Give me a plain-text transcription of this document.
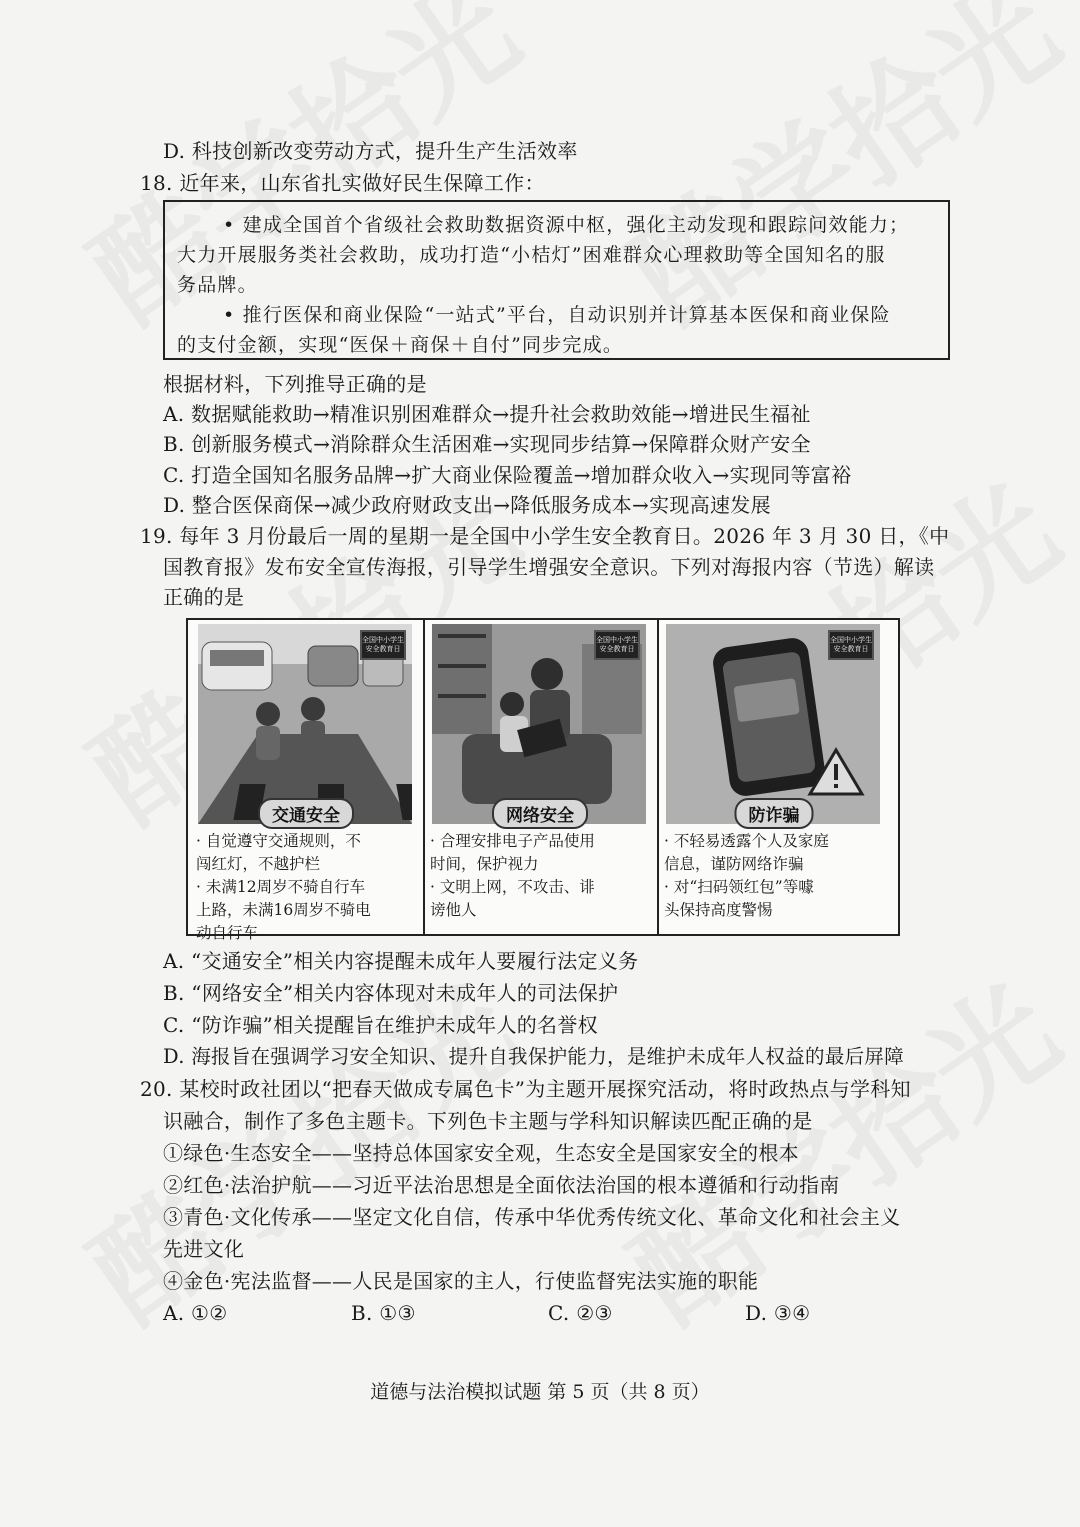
D. 科技创新改变劳动方式，提升生产生活效率
18. 近年来，山东省扎实做好民生保障工作：
• 建成全国首个省级社会救助数据资源中枢，强化主动发现和跟踪问效能力；
大力开展服务类社会救助，成功打造“小桔灯”困难群众心理救助等全国知名的服
务品牌。
• 推行医保和商业保险“一站式”平台，自动识别并计算基本医保和商业保险
的支付金额，实现“医保＋商保＋自付”同步完成。
根据材料，下列推导正确的是
A. 数据赋能救助→精准识别困难群众→提升社会救助效能→增进民生福祉
B. 创新服务模式→消除群众生活困难→实现同步结算→保障群众财产安全
C. 打造全国知名服务品牌→扩大商业保险覆盖→增加群众收入→实现同等富裕
D. 整合医保商保→减少政府财政支出→降低服务成本→实现高速发展
19. 每年 3 月份最后一周的星期一是全国中小学生安全教育日。2026 年 3 月 30 日，《中
国教育报》发布安全宣传海报，引导学生增强安全意识。下列对海报内容（节选）解读
正确的是
全国中小学生安全教育日
交通安全
· 自觉遵守交通规则，不
闯红灯，不越护栏
· 未满12周岁不骑自行车
上路，未满16周岁不骑电
动自行车
全国中小学生安全教育日
网络安全
· 合理安排电子产品使用
时间，保护视力
· 文明上网，不攻击、诽
谤他人
全国中小学生安全教育日
防诈骗
· 不轻易透露个人及家庭
信息，谨防网络诈骗
· 对“扫码领红包”等噱
头保持高度警惕
A. “交通安全”相关内容提醒未成年人要履行法定义务
B. “网络安全”相关内容体现对未成年人的司法保护
C. “防诈骗”相关提醒旨在维护未成年人的名誉权
D. 海报旨在强调学习安全知识、提升自我保护能力，是维护未成年人权益的最后屏障
20. 某校时政社团以“把春天做成专属色卡”为主题开展探究活动，将时政热点与学科知
识融合，制作了多色主题卡。下列色卡主题与学科知识解读匹配正确的是
①绿色·生态安全——坚持总体国家安全观，生态安全是国家安全的根本
②红色·法治护航——习近平法治思想是全面依法治国的根本遵循和行动指南
③青色·文化传承——坚定文化自信，传承中华优秀传统文化、革命文化和社会主义
先进文化
④金色·宪法监督——人民是国家的主人，行使监督宪法实施的职能
A. ①②	B. ①③	C. ②③	D. ③④
道德与法治模拟试题 第 5 页（共 8 页）
